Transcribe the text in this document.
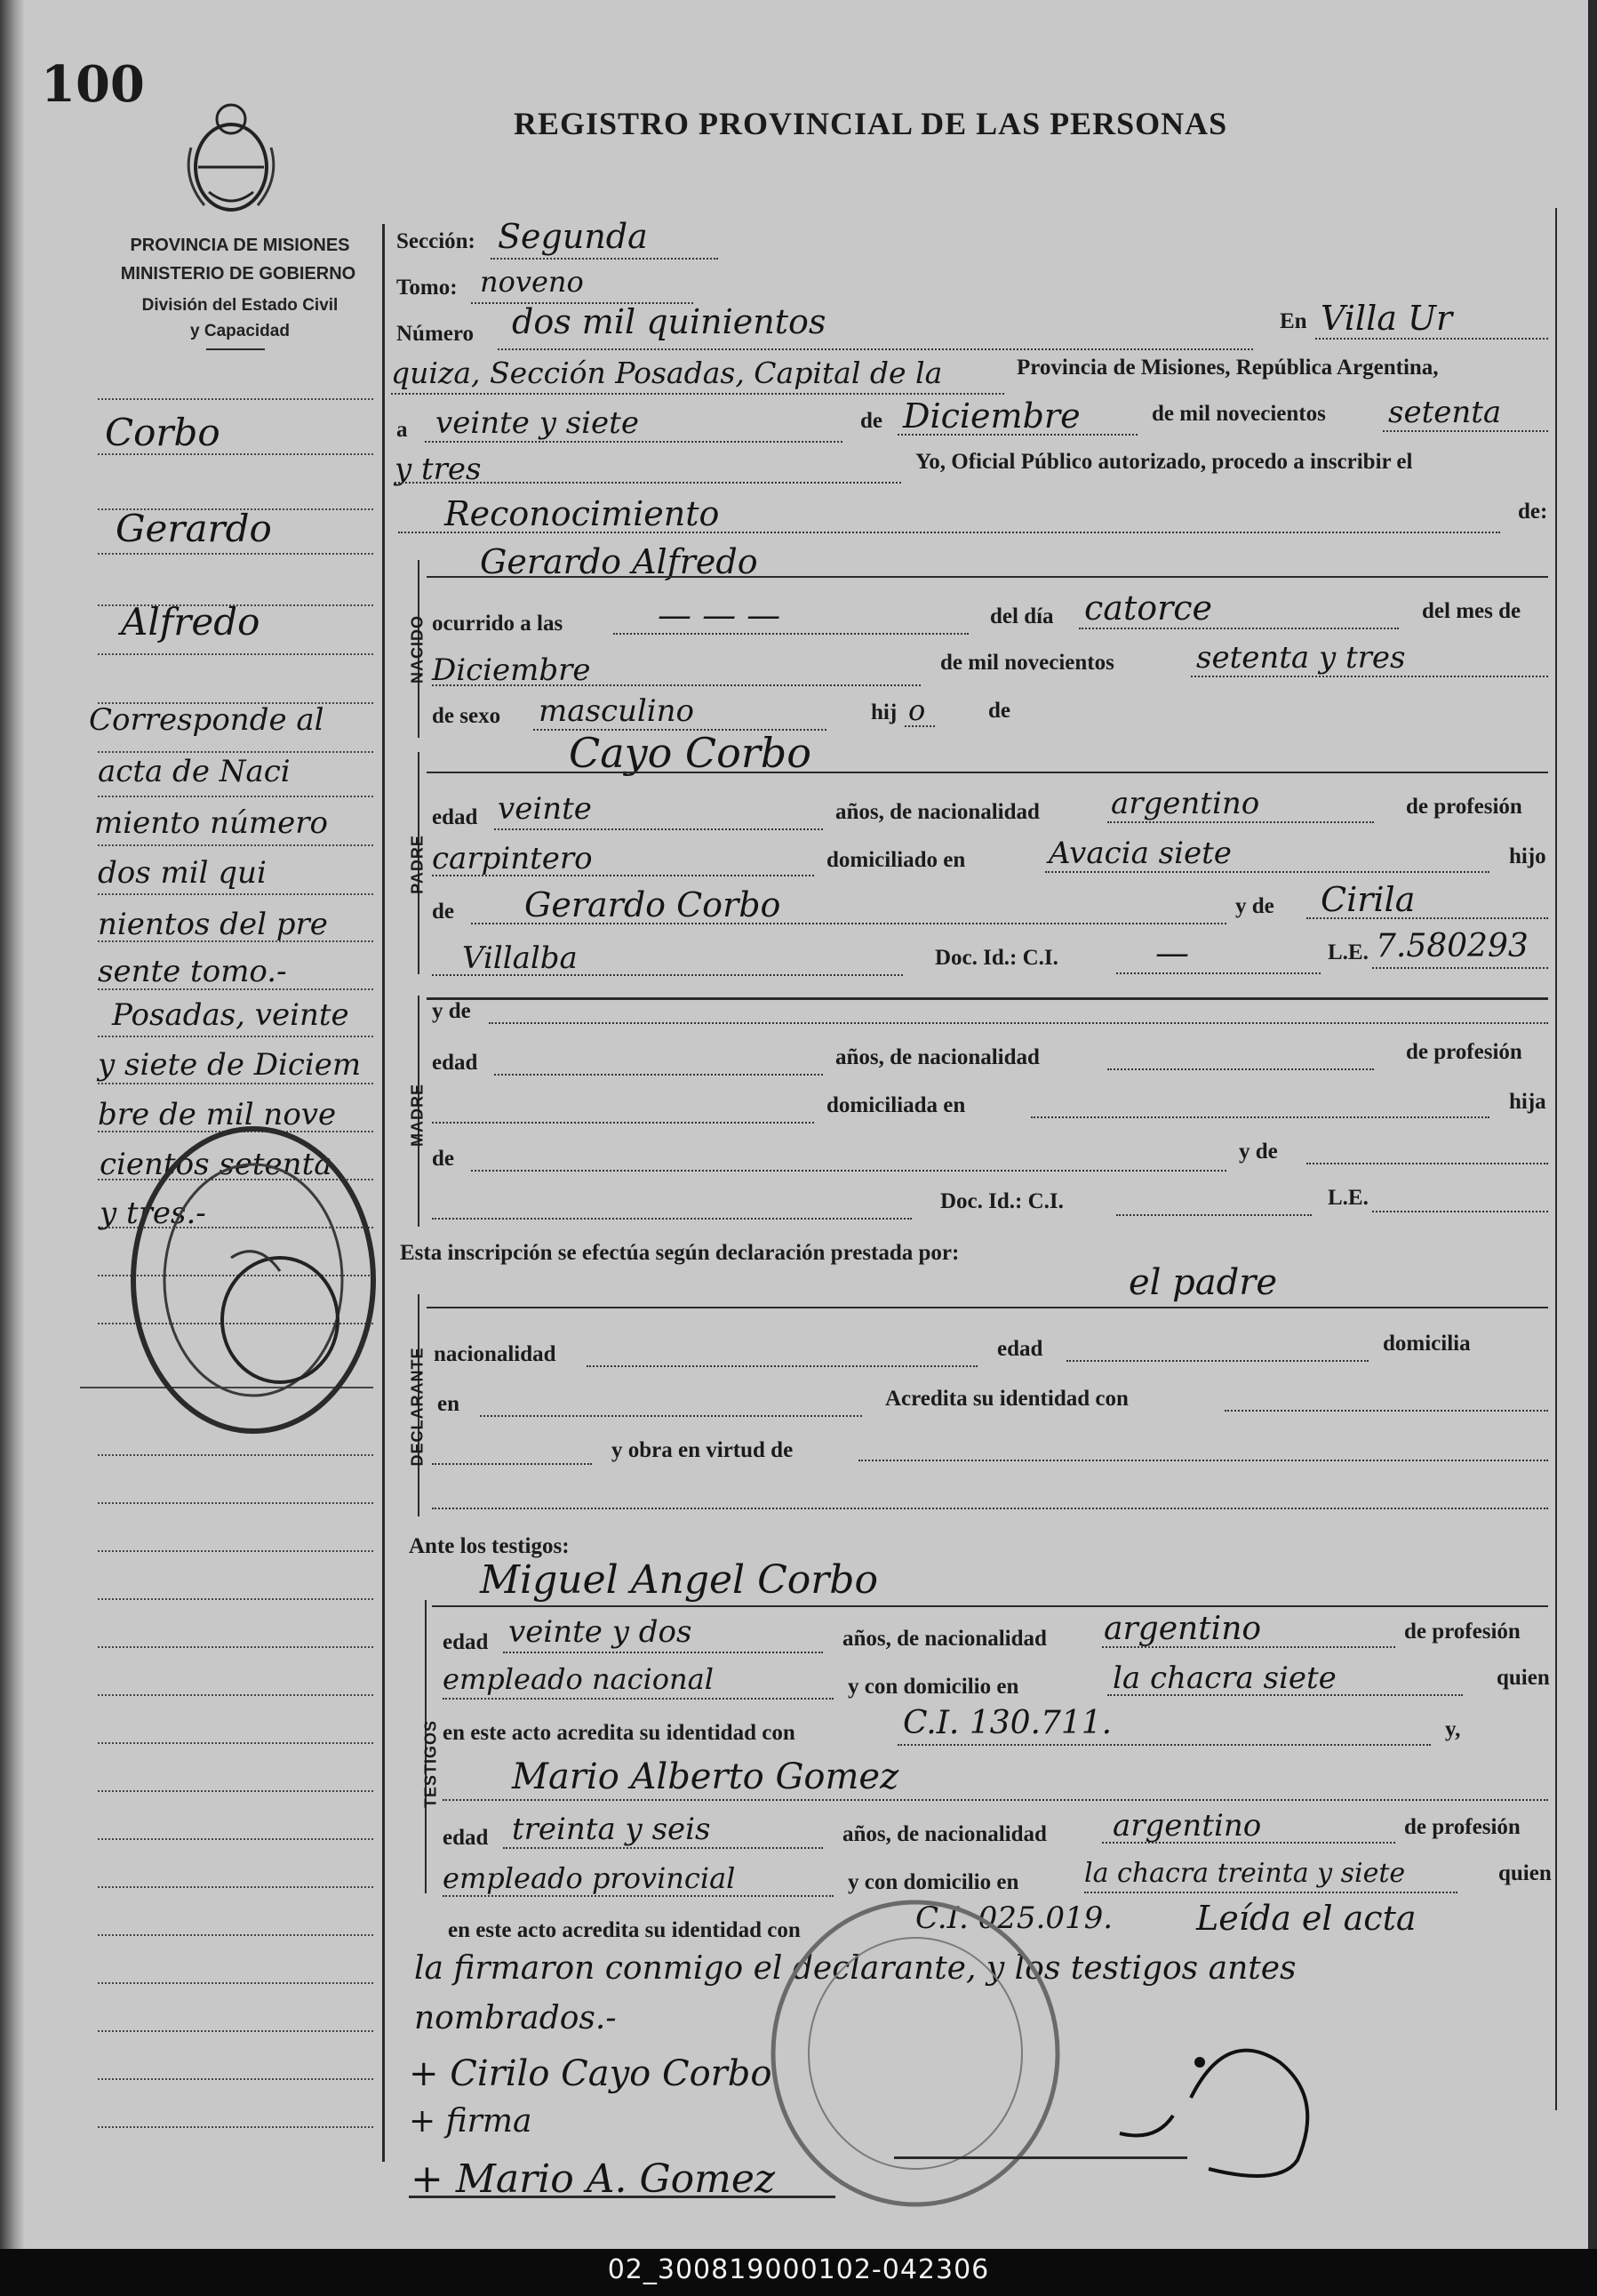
100
REGISTRO PROVINCIAL DE LAS PERSONAS
PROVINCIA DE MISIONES
MINISTERIO DE GOBIERNO
División del Estado Civil
y Capacidad
Corbo
Gerardo
Alfredo
Corresponde al
acta de Naci
miento número
dos mil qui
nientos del pre
sente tomo.-
Posadas, veinte
y siete de Diciem
bre de mil nove
cientos setenta
y tres.-
Sección: Segunda
Tomo: noveno
Número dos mil quinientos	En Villa Ur
quiza, Sección Posadas, Capital de la	Provincia de Misiones, República Argentina,
a veinte y siete	de Diciembre	de mil novecientos setenta
y tres	Yo, Oficial Público autorizado, procedo a inscribir el
Reconocimiento	de:
NACIDO
Gerardo Alfredo
ocurrido a las	— — —	del día catorce	del mes de
Diciembre	de mil novecientos	setenta y tres
de sexo masculino	hij o	de
PADRE
Cayo Corbo
edad veinte	años, de nacionalidad argentino	de profesión
carpintero	domiciliado en	Avacia siete	hijo
de Gerardo Corbo	y de Cirila
Villalba	Doc. Id.: C.I.	—	L.E. 7.580293
MADRE
y de
edad	años, de nacionalidad	de profesión
domiciliada en	hija
de	y de
Doc. Id.: C.I.	L.E.
Esta inscripción se efectúa según declaración prestada por:
el padre
DECLARANTE nacionalidad	edad	domicilia
en	Acredita su identidad con
y obra en virtud de
Ante los testigos:
Miguel Angel Corbo
TESTIGOS
edad veinte y dos	años, de nacionalidad argentino	de profesión
empleado nacional	y con domicilio en	la chacra siete	quien
en este acto acredita su identidad con	C.I. 130.711.	y,
Mario Alberto Gomez
edad treinta y seis	años, de nacionalidad argentino	de profesión
empleado provincial	y con domicilio en la chacra treinta y siete	quien
en este acto acredita su identidad con	C.I. 025.019. Leída el acta
la firmaron conmigo el declarante, y los testigos antes
nombrados.-
+ Cirilo Cayo Corbo
+ firma
+ Mario A. Gomez
02_300819000102-042306
